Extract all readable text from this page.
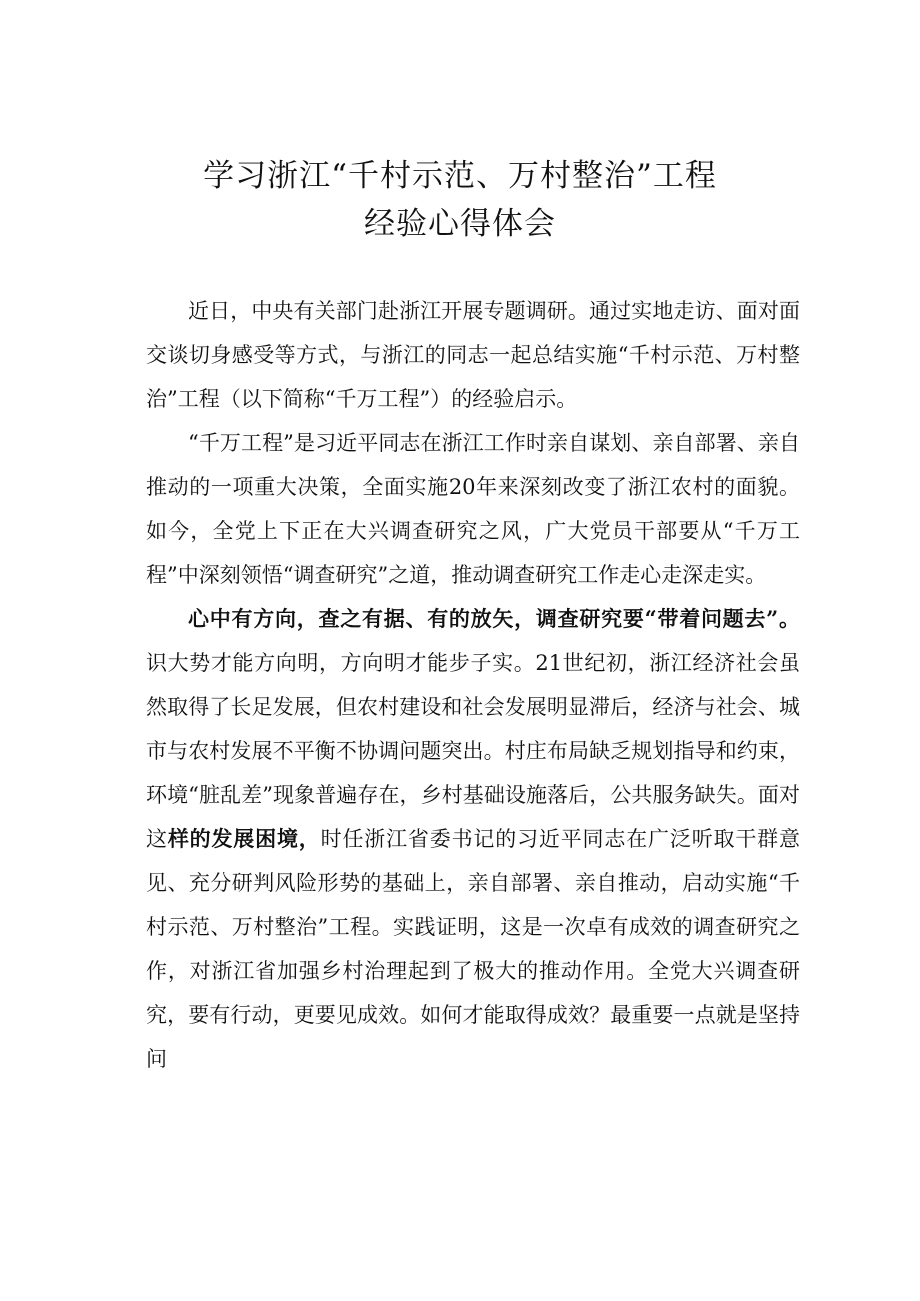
学习浙江“千村示范、万村整治”工程
经验心得体会

近日，中央有关部门赴浙江开展专题调研。通过实地走访、面对面交谈切身感受等方式，与浙江的同志一起总结实施“千村示范、万村整治”工程（以下简称“千万工程”）的经验启示。

“千万工程”是习近平同志在浙江工作时亲自谋划、亲自部署、亲自推动的一项重大决策，全面实施20年来深刻改变了浙江农村的面貌。如今，全党上下正在大兴调查研究之风，广大党员干部要从“千万工程”中深刻领悟“调查研究”之道，推动调查研究工作走心走深走实。

心中有方向，查之有据、有的放矢，调查研究要“带着问题去”。识大势才能方向明，方向明才能步子实。21世纪初，浙江经济社会虽然取得了长足发展，但农村建设和社会发展明显滞后，经济与社会、城市与农村发展不平衡不协调问题突出。村庄布局缺乏规划指导和约束，环境“脏乱差”现象普遍存在，乡村基础设施落后，公共服务缺失。面对这样的发展困境，时任浙江省委书记的习近平同志在广泛听取干群意见、充分研判风险形势的基础上，亲自部署、亲自推动，启动实施“千村示范、万村整治”工程。实践证明，这是一次卓有成效的调查研究之作，对浙江省加强乡村治理起到了极大的推动作用。全党大兴调查研究，要有行动，更要见成效。如何才能取得成效？最重要一点就是坚持问
